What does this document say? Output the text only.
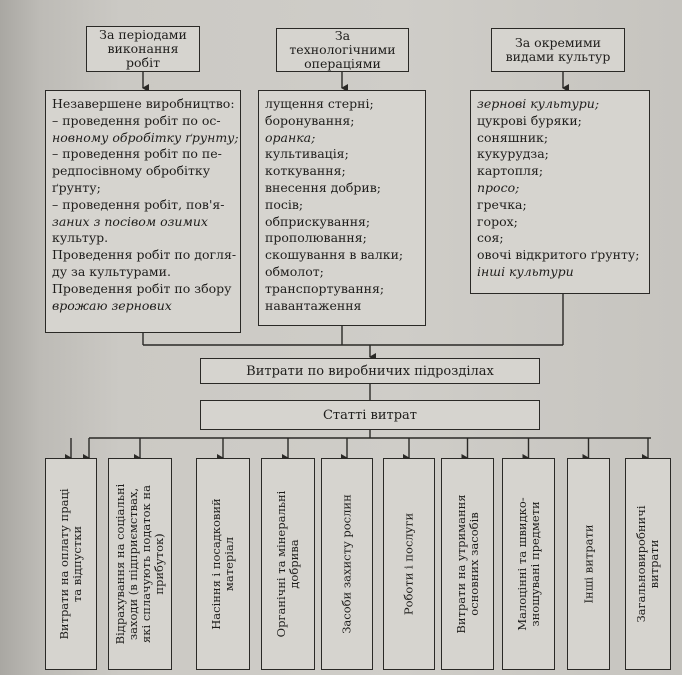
За періодами
виконання робіт
За технологічними
операціями
За окремими
видами культур
Незавершене виробництво:
– проведення робіт по ос-
новному обробітку ґрунту;
– проведення робіт по пе-
редпосівному обробітку
ґрунту;
– проведення робіт, пов'я-
заних з посівом озимих
культур.
Проведення робіт по догля-
ду за культурами.
Проведення робіт по збору
врожаю зернових
лущення стерні;
боронування;
оранка;
культивація;
коткування;
внесення добрив;
посів;
обприскування;
прополювання;
скошування в валки;
обмолот;
транспортування;
навантаження
зернові культури;
цукрові буряки;
соняшник;
кукурудза;
картопля;
просо;
гречка;
горох;
соя;
овочі відкритого ґрунту;
інші культури
Витрати по виробничих підрозділах
Статті витрат
Витрати на оплату праці та відпустки	Відрахування на соціальні заходи (в підприємствах, які сплачують податок на прибуток)	Насіння і посадковий матеріал	Органічні та мінеральні добрива	Засоби захисту рослин	Роботи і послуги	Витрати на утримання основних засобів	Малоцінні та швидко- зношувані предмети	Інші витрати	Загальновиробничі витрати
